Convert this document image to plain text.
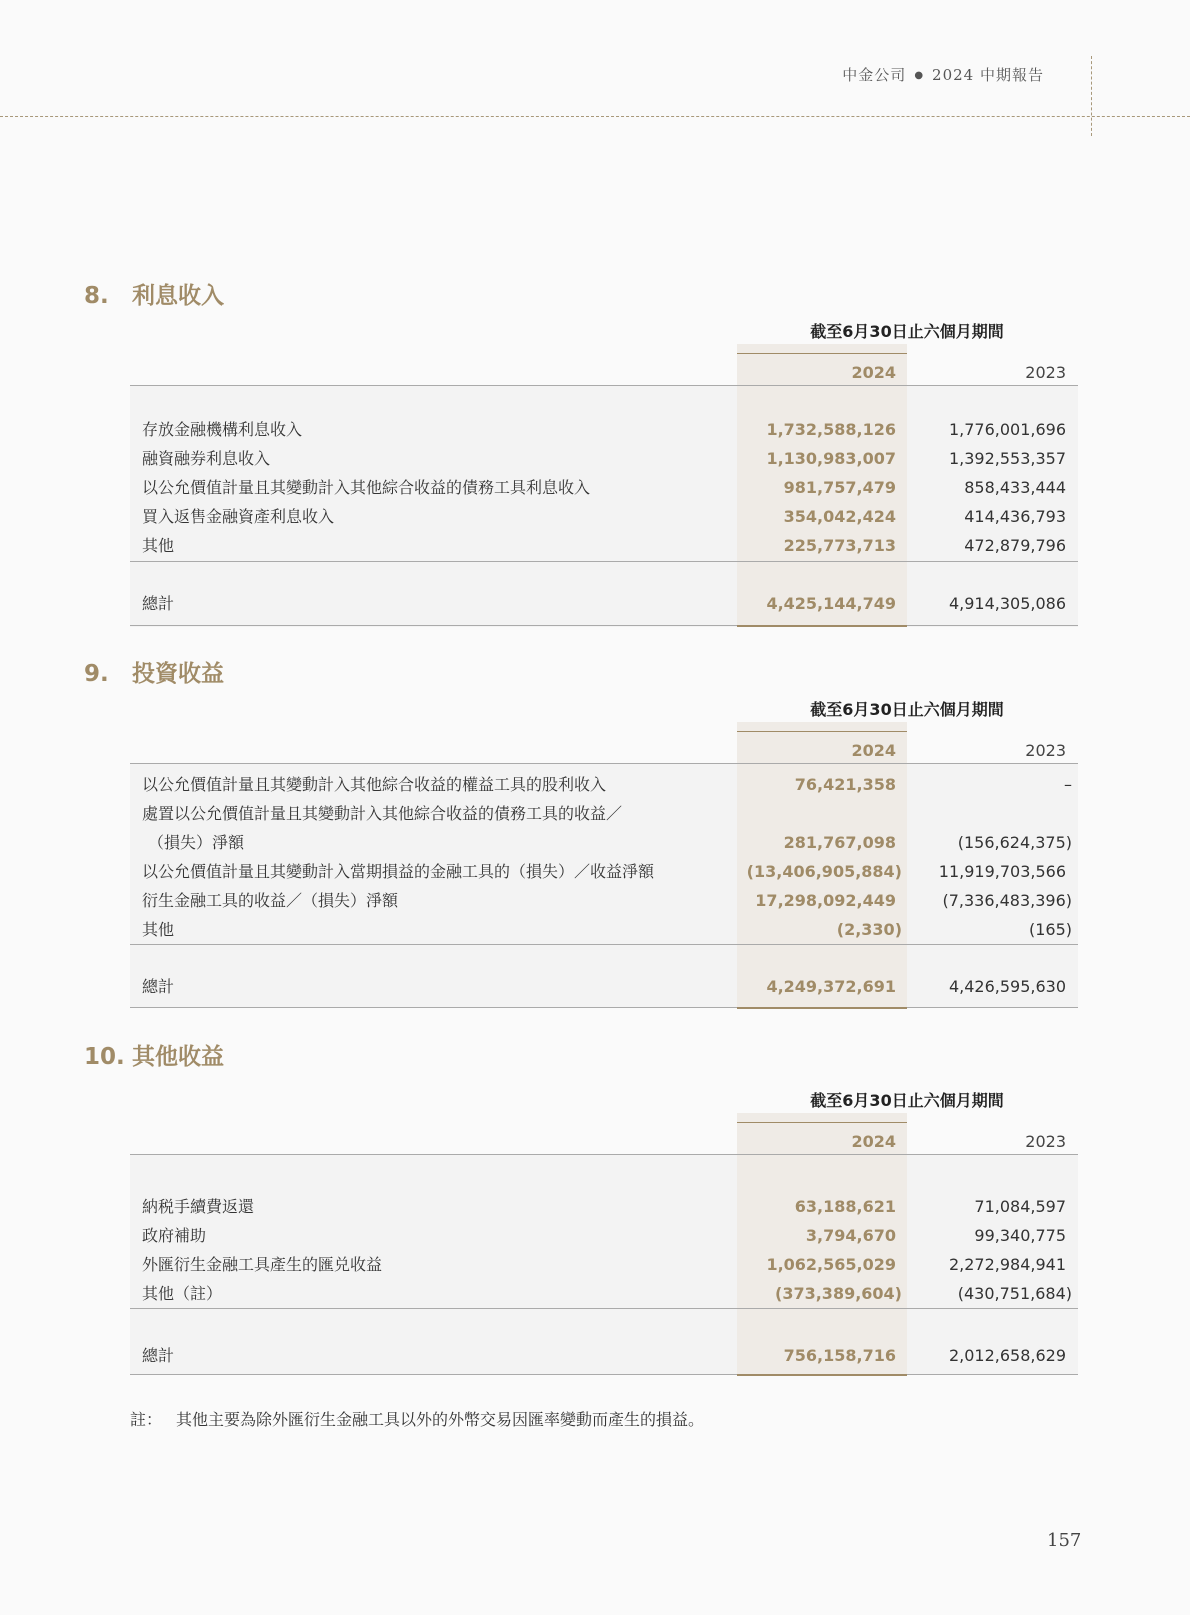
中金公司 ● 2024 中期報告
8. 利息收入
截至6月30日止六個月期間
2024	2023
存放金融機構利息收入	1,732,588,126	1,776,001,696
融資融券利息收入	1,130,983,007	1,392,553,357
以公允價值計量且其變動計入其他綜合收益的債務工具利息收入	981,757,479	858,433,444
買入返售金融資產利息收入	354,042,424	414,436,793
其他	225,773,713	472,879,796
總計	4,425,144,749	4,914,305,086
9. 投資收益
截至6月30日止六個月期間
2024	2023
以公允價值計量且其變動計入其他綜合收益的權益工具的股利收入	76,421,358	–
處置以公允價值計量且其變動計入其他綜合收益的債務工具的收益／
（損失）淨額	281,767,098	(156,624,375)
以公允價值計量且其變動計入當期損益的金融工具的（損失）／收益淨額	(13,406,905,884)	11,919,703,566
衍生金融工具的收益／（損失）淨額	17,298,092,449	(7,336,483,396)
其他	(2,330)	(165)
總計	4,249,372,691	4,426,595,630
10. 其他收益
截至6月30日止六個月期間
2024	2023
納税手續費返還	63,188,621	71,084,597
政府補助	3,794,670	99,340,775
外匯衍生金融工具產生的匯兑收益	1,062,565,029	2,272,984,941
其他（註）	(373,389,604)	(430,751,684)
總計	756,158,716	2,012,658,629
註： 其他主要為除外匯衍生金融工具以外的外幣交易因匯率變動而產生的損益。
157
